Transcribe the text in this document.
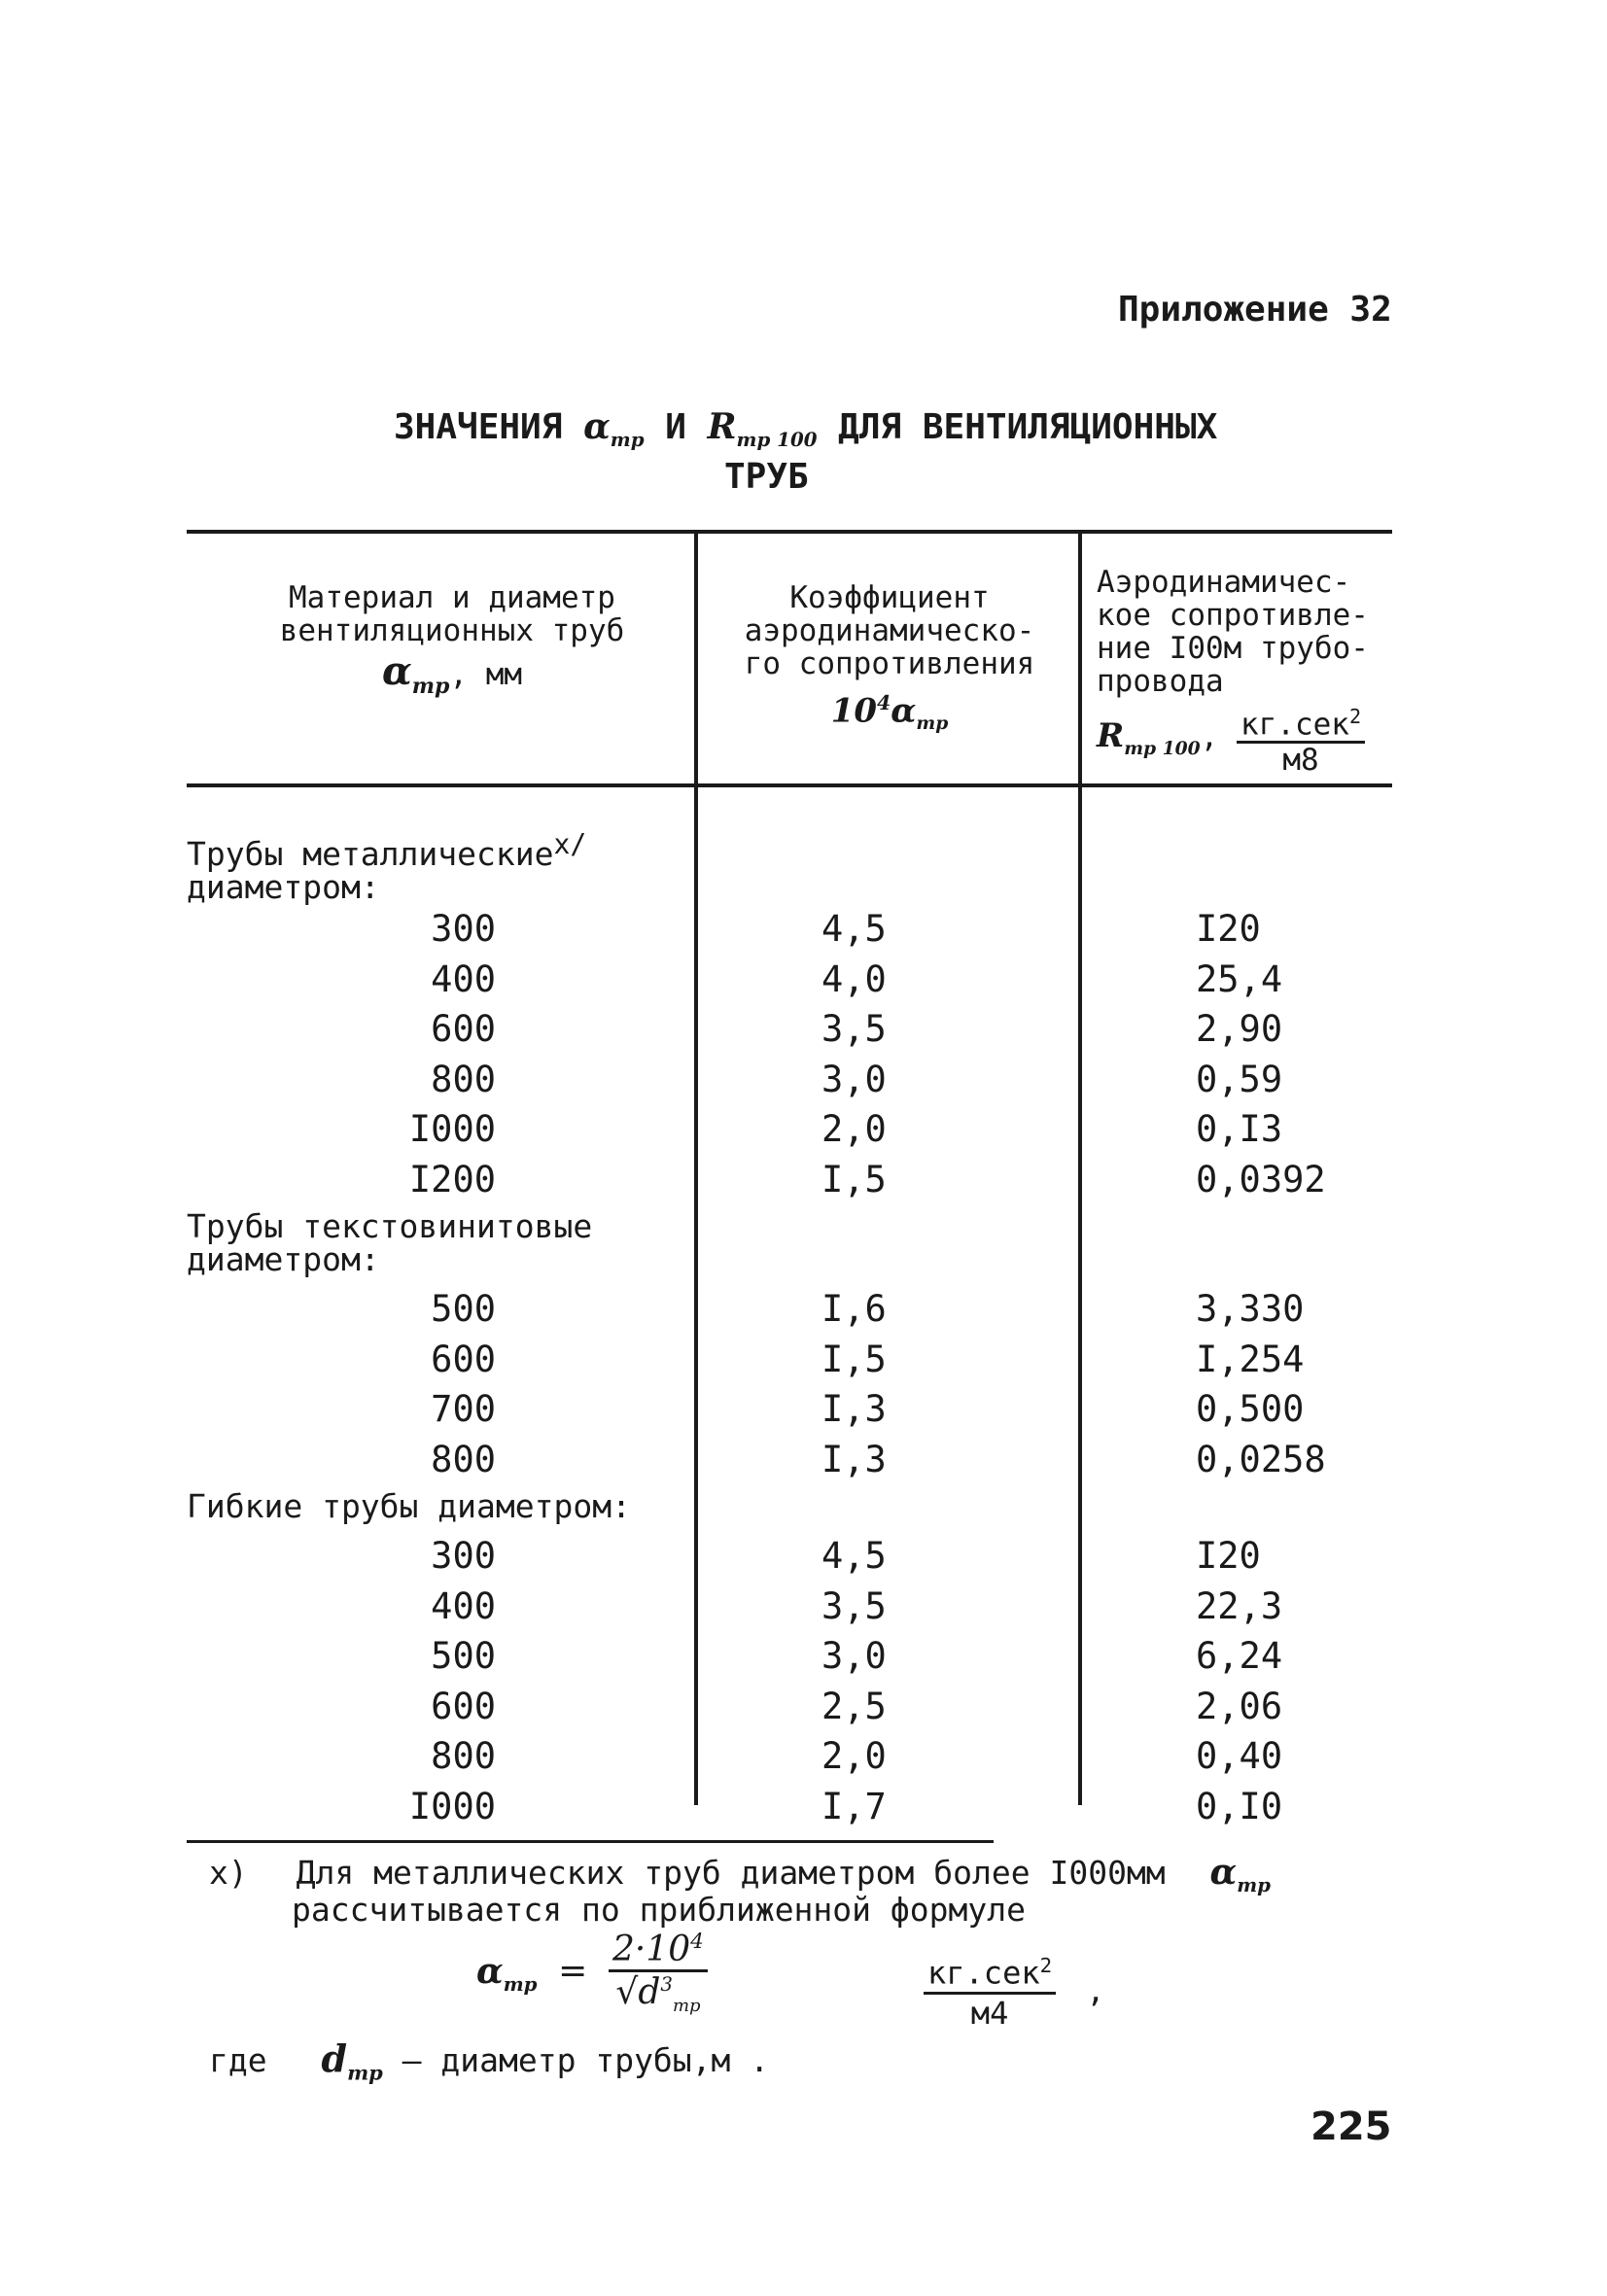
Приложение 32
ЗНАЧЕНИЯ $\alpha_{тр}$ И $R_{тр 100}$ ДЛЯ ВЕНТИЛЯЦИОННЫХ
ТРУБ
Материал и диаметр
вентиляционных труб
$\alpha_{тр}$, мм
Коэффициент
аэродинамическо-
го сопротивления
$10^4\alpha_{тр}$
Аэродинамичес-
кое сопротивле-
ние I00м трубо-
провода
$R_{тр 100}$, $\frac{кг.сек^2}{м8}$
Трубы металлические$^{x/}$
диаметром:
300	4,5	I20
400	4,0	25,4
600	3,5	2,90
800	3,0	0,59
I000	2,0	0,I3
I200	I,5	0,0392
Трубы текстовинитовые
диаметром:
500	I,6	3,330
600	I,5	I,254
700	I,3	0,500
800	I,3	0,0258
Гибкие трубы диаметром:
300	4,5	I20
400	3,5	22,3
500	3,0	6,24
600	2,5	2,06
800	2,0	0,40
I000	I,7	0,I0
x) Для металлических труб диаметром более I000мм $\alpha_{тр}$
рассчитывается по приближенной формуле
$\alpha_{тр} = \frac{2\cdot 10^4}{√d^3_{тр}}$	$\frac{кг.сек^2}{м4}$ ,
где $d_{тр}$ – диаметр трубы,м .
225
